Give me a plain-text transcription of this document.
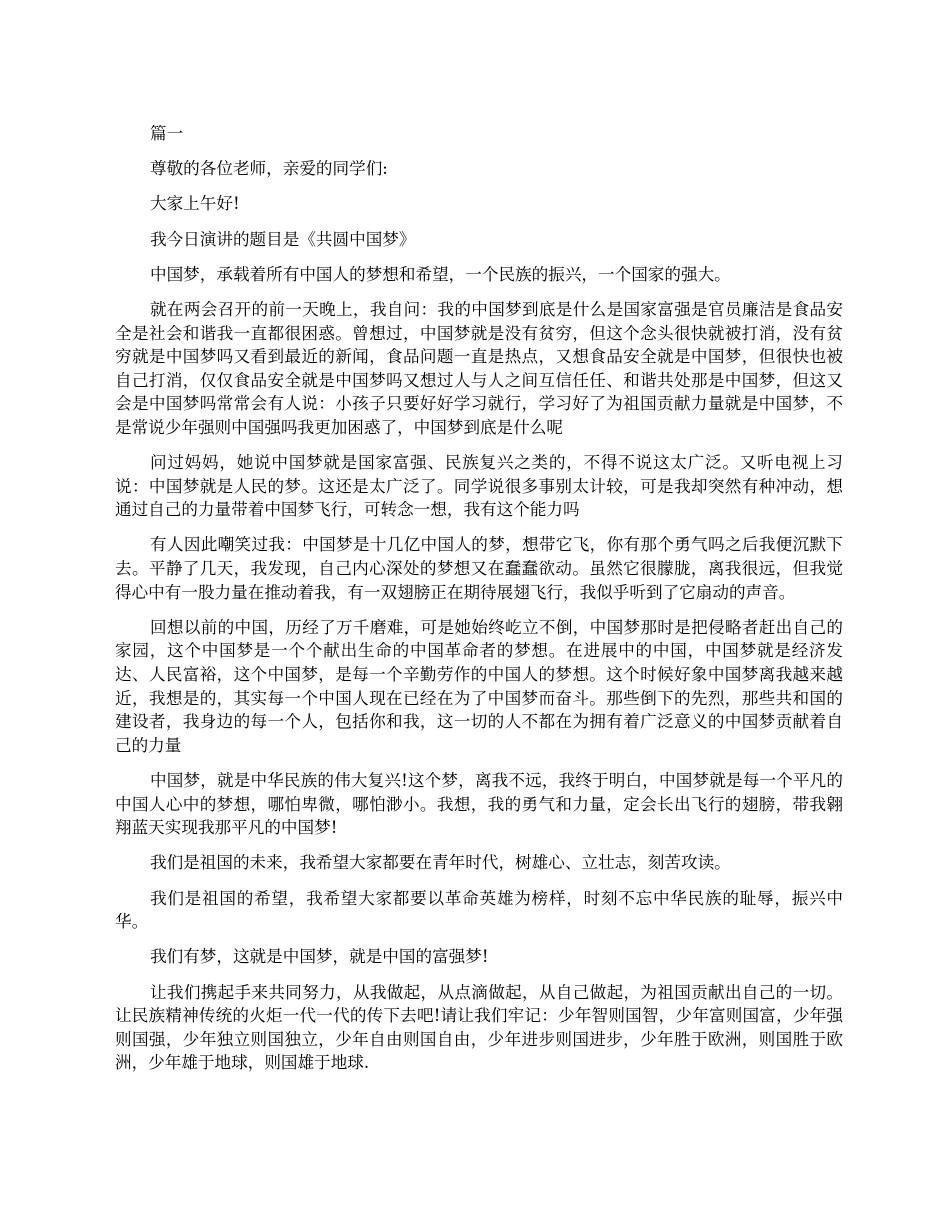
篇一

尊敬的各位老师，亲爱的同学们:

大家上午好!

我今日演讲的题目是《共圆中国梦》

中国梦，承载着所有中国人的梦想和希望，一个民族的振兴，一个国家的强大。

就在两会召开的前一天晚上，我自问：我的中国梦到底是什么是国家富强是官员廉洁是食品安全是社会和谐我一直都很困惑。曾想过，中国梦就是没有贫穷，但这个念头很快就被打消，没有贫穷就是中国梦吗又看到最近的新闻，食品问题一直是热点，又想食品安全就是中国梦，但很快也被自己打消，仅仅食品安全就是中国梦吗又想过人与人之间互信任任、和谐共处那是中国梦，但这又会是中国梦吗常常会有人说：小孩子只要好好学习就行，学习好了为祖国贡献力量就是中国梦，不是常说少年强则中国强吗我更加困惑了，中国梦到底是什么呢

问过妈妈，她说中国梦就是国家富强、民族复兴之类的，不得不说这太广泛。又听电视上习说：中国梦就是人民的梦。这还是太广泛了。同学说很多事别太计较，可是我却突然有种冲动，想通过自己的力量带着中国梦飞行，可转念一想，我有这个能力吗

有人因此嘲笑过我：中国梦是十几亿中国人的梦，想带它飞，你有那个勇气吗之后我便沉默下去。平静了几天，我发现，自己内心深处的梦想又在蠢蠢欲动。虽然它很朦胧，离我很远，但我觉得心中有一股力量在推动着我，有一双翅膀正在期待展翅飞行，我似乎听到了它扇动的声音。

回想以前的中国，历经了万千磨难，可是她始终屹立不倒，中国梦那时是把侵略者赶出自己的家园，这个中国梦是一个个献出生命的中国革命者的梦想。在进展中的中国，中国梦就是经济发达、人民富裕，这个中国梦，是每一个辛勤劳作的中国人的梦想。这个时候好象中国梦离我越来越近，我想是的，其实每一个中国人现在已经在为了中国梦而奋斗。那些倒下的先烈，那些共和国的建设者，我身边的每一个人，包括你和我，这一切的人不都在为拥有着广泛意义的中国梦贡献着自己的力量

中国梦，就是中华民族的伟大复兴!这个梦，离我不远，我终于明白，中国梦就是每一个平凡的中国人心中的梦想，哪怕卑微，哪怕渺小。我想，我的勇气和力量，定会长出飞行的翅膀，带我翱翔蓝天实现我那平凡的中国梦!

我们是祖国的未来，我希望大家都要在青年时代，树雄心、立壮志，刻苦攻读。

我们是祖国的希望，我希望大家都要以革命英雄为榜样，时刻不忘中华民族的耻辱，振兴中华。

我们有梦，这就是中国梦，就是中国的富强梦!

让我们携起手来共同努力，从我做起，从点滴做起，从自己做起，为祖国贡献出自己的一切。让民族精神传统的火炬一代一代的传下去吧!请让我们牢记：少年智则国智，少年富则国富，少年强则国强，少年独立则国独立，少年自由则国自由，少年进步则国进步，少年胜于欧洲，则国胜于欧洲，少年雄于地球，则国雄于地球.
